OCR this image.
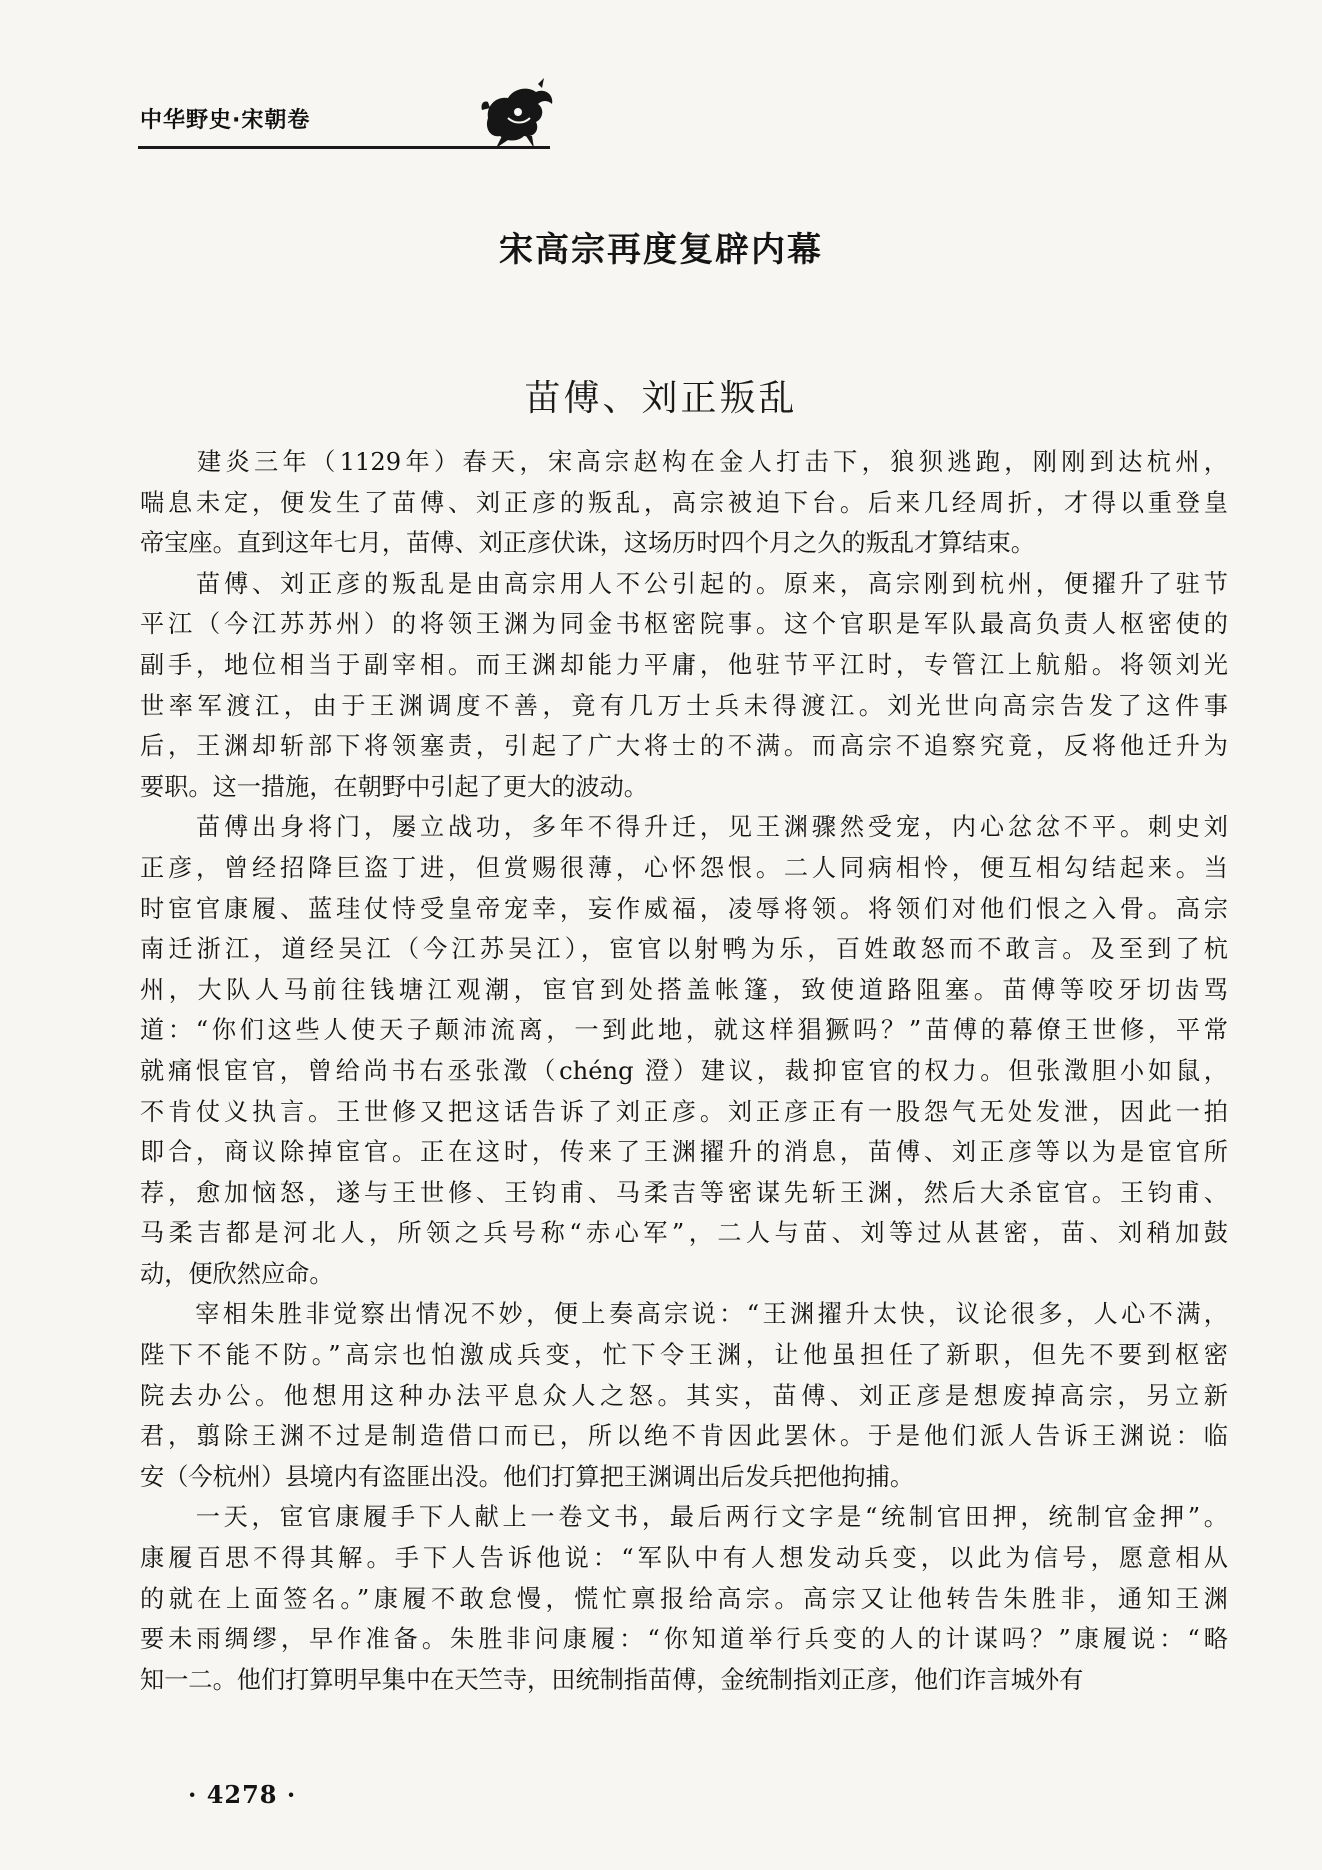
中华野史·宋朝卷
宋高宗再度复辟内幕
苗傅、刘正叛乱
　　建炎三年（1129年）春天，宋高宗赵构在金人打击下，狼狈逃跑，刚刚到达杭州，
喘息未定，便发生了苗傅、刘正彦的叛乱，高宗被迫下台。后来几经周折，才得以重登皇
帝宝座。直到这年七月，苗傅、刘正彦伏诛，这场历时四个月之久的叛乱才算结束。
　　苗傅、刘正彦的叛乱是由高宗用人不公引起的。原来，高宗刚到杭州，便擢升了驻节
平江（今江苏苏州）的将领王渊为同金书枢密院事。这个官职是军队最高负责人枢密使的
副手，地位相当于副宰相。而王渊却能力平庸，他驻节平江时，专管江上航船。将领刘光
世率军渡江，由于王渊调度不善，竟有几万士兵未得渡江。刘光世向高宗告发了这件事
后，王渊却斩部下将领塞责，引起了广大将士的不满。而高宗不追察究竟，反将他迁升为
要职。这一措施，在朝野中引起了更大的波动。
　　苗傅出身将门，屡立战功，多年不得升迁，见王渊骤然受宠，内心忿忿不平。刺史刘
正彦，曾经招降巨盗丁进，但赏赐很薄，心怀怨恨。二人同病相怜，便互相勾结起来。当
时宦官康履、蓝珪仗恃受皇帝宠幸，妄作威福，凌辱将领。将领们对他们恨之入骨。高宗
南迁浙江，道经吴江（今江苏吴江），宦官以射鸭为乐，百姓敢怒而不敢言。及至到了杭
州，大队人马前往钱塘江观潮，宦官到处搭盖帐篷，致使道路阻塞。苗傅等咬牙切齿骂
道：“你们这些人使天子颠沛流离，一到此地，就这样猖獗吗？”苗傅的幕僚王世修，平常
就痛恨宦官，曾给尚书右丞张澂（chéng 澄）建议，裁抑宦官的权力。但张澂胆小如鼠，
不肯仗义执言。王世修又把这话告诉了刘正彦。刘正彦正有一股怨气无处发泄，因此一拍
即合，商议除掉宦官。正在这时，传来了王渊擢升的消息，苗傅、刘正彦等以为是宦官所
荐，愈加恼怒，遂与王世修、王钧甫、马柔吉等密谋先斩王渊，然后大杀宦官。王钧甫、
马柔吉都是河北人，所领之兵号称“赤心军”，二人与苗、刘等过从甚密，苗、刘稍加鼓
动，便欣然应命。
　　宰相朱胜非觉察出情况不妙，便上奏高宗说：“王渊擢升太快，议论很多，人心不满，
陛下不能不防。”高宗也怕激成兵变，忙下令王渊，让他虽担任了新职，但先不要到枢密
院去办公。他想用这种办法平息众人之怒。其实，苗傅、刘正彦是想废掉高宗，另立新
君，翦除王渊不过是制造借口而已，所以绝不肯因此罢休。于是他们派人告诉王渊说：临
安（今杭州）县境内有盗匪出没。他们打算把王渊调出后发兵把他拘捕。
　　一天，宦官康履手下人献上一卷文书，最后两行文字是“统制官田押，统制官金押”。
康履百思不得其解。手下人告诉他说：“军队中有人想发动兵变，以此为信号，愿意相从
的就在上面签名。”康履不敢怠慢，慌忙禀报给高宗。高宗又让他转告朱胜非，通知王渊
要未雨绸缪，早作准备。朱胜非问康履：“你知道举行兵变的人的计谋吗？”康履说：“略
知一二。他们打算明早集中在天竺寺，田统制指苗傅，金统制指刘正彦，他们诈言城外有
· 4278 ·
